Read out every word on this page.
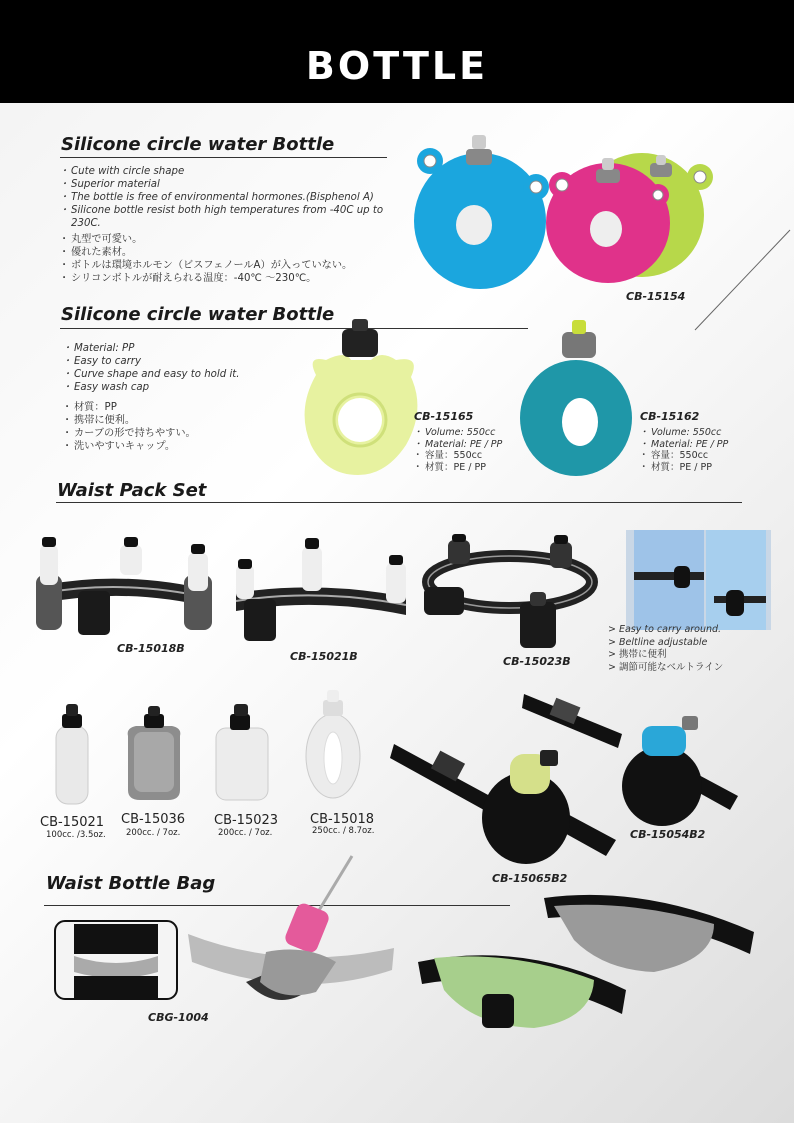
BOTTLE
Silicone circle water Bottle
・ Cute with circle shape
・ Superior material
・ The bottle is free of environmental hormones.(Bisphenol A)
・ Silicone bottle resist both high temperatures from -40C up to 230C.
・ 丸型で可愛い。
・ 優れた素材。
・ ボトルは環境ホルモン（ビスフェノールA）が入っていない。
・ シリコンボトルが耐えられる温度：-40℃ ～230℃。
CB-15154
Silicone circle water Bottle
・ Material: PP
・ Easy to carry
・ Curve shape and easy to hold it.
・ Easy wash cap
・ 材質：PP
・ 携帯に便利。
・ カーブの形で持ちやすい。
・ 洗いやすいキャップ。
CB-15165
・ Volume: 550cc
・ Material: PE / PP
・ 容量：550cc
・ 材質：PE / PP
CB-15162
・ Volume: 550cc
・ Material: PE / PP
・ 容量：550cc
・ 材質：PE / PP
Waist Pack Set
CB-15018B
CB-15021B	CB-15023B
> Easy to carry around.
> Beltline adjustable
> 携帯に便利
> 調節可能なベルトライン
CB-15021
100cc. /3.5oz.
CB-15036
200cc. / 7oz.
CB-15023
200cc. / 7oz.
CB-15018
250cc. / 8.7oz.
CB-15065B2
CB-15054B2
Waist Bottle Bag
CBG-1004
